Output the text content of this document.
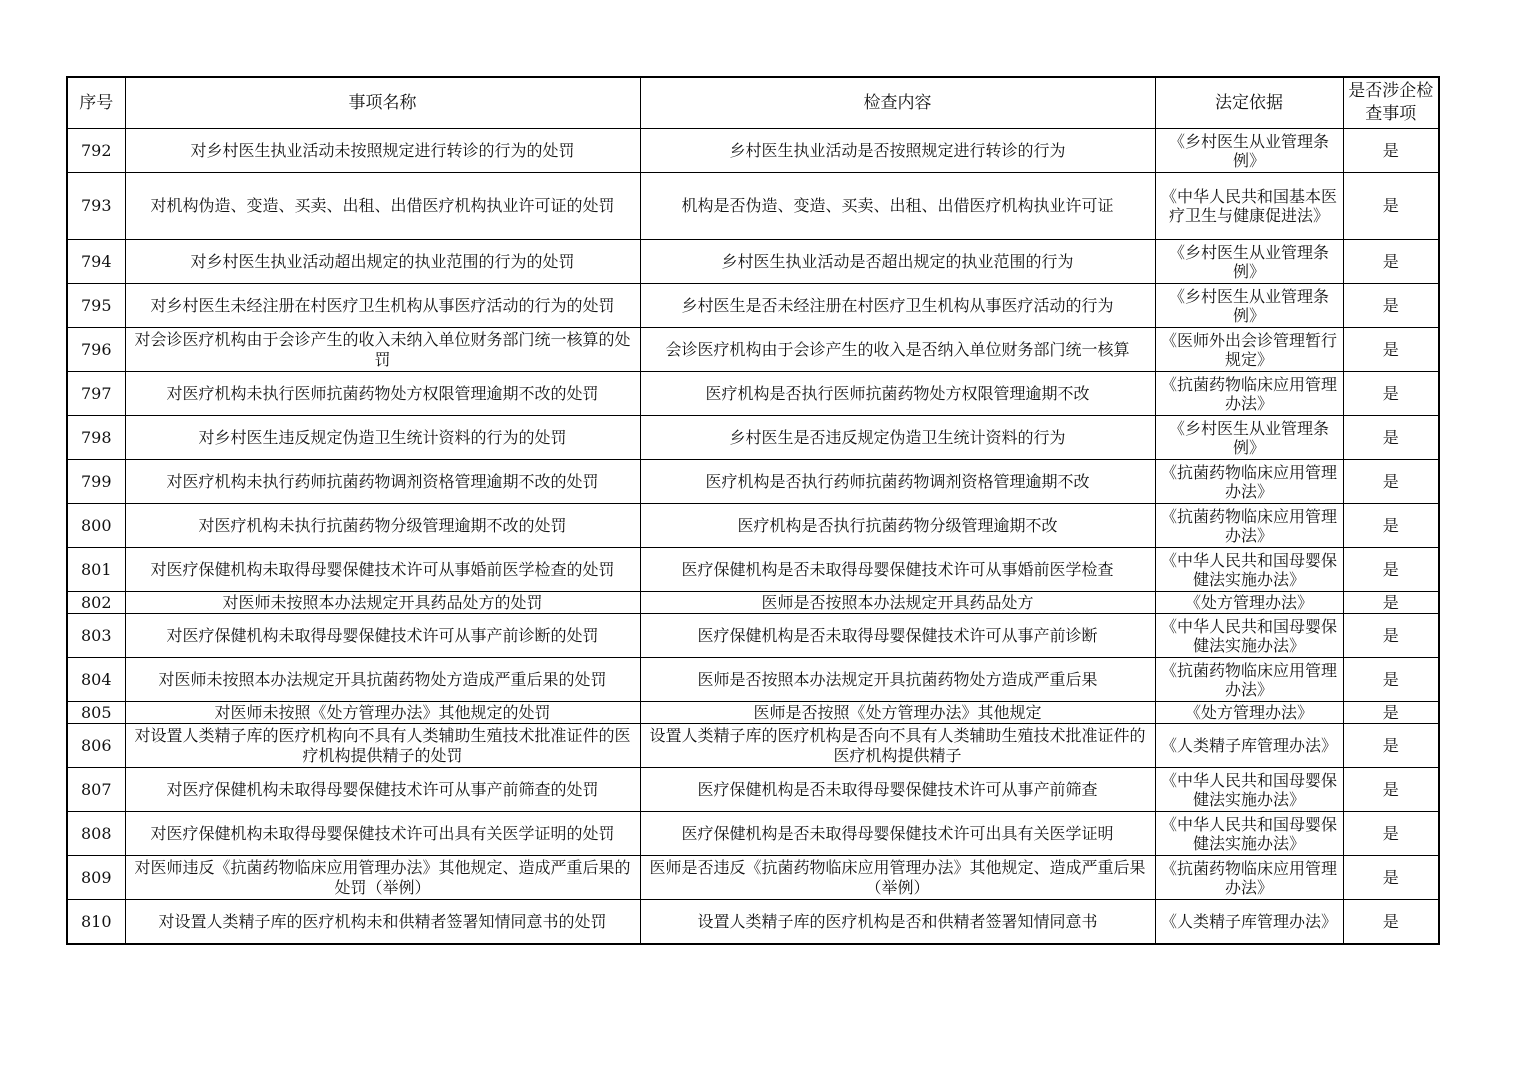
序号	事项名称	检查内容	法定依据	是否涉企检查事项
792	对乡村医生执业活动未按照规定进行转诊的行为的处罚	乡村医生执业活动是否按照规定进行转诊的行为	《乡村医生从业管理条例》	是
793	对机构伪造、变造、买卖、出租、出借医疗机构执业许可证的处罚	机构是否伪造、变造、买卖、出租、出借医疗机构执业许可证	《中华人民共和国基本医疗卫生与健康促进法》	是
794	对乡村医生执业活动超出规定的执业范围的行为的处罚	乡村医生执业活动是否超出规定的执业范围的行为	《乡村医生从业管理条例》	是
795	对乡村医生未经注册在村医疗卫生机构从事医疗活动的行为的处罚	乡村医生是否未经注册在村医疗卫生机构从事医疗活动的行为	《乡村医生从业管理条例》	是
796	对会诊医疗机构由于会诊产生的收入未纳入单位财务部门统一核算的处罚	会诊医疗机构由于会诊产生的收入是否纳入单位财务部门统一核算	《医师外出会诊管理暂行规定》	是
797	对医疗机构未执行医师抗菌药物处方权限管理逾期不改的处罚	医疗机构是否执行医师抗菌药物处方权限管理逾期不改	《抗菌药物临床应用管理办法》	是
798	对乡村医生违反规定伪造卫生统计资料的行为的处罚	乡村医生是否违反规定伪造卫生统计资料的行为	《乡村医生从业管理条例》	是
799	对医疗机构未执行药师抗菌药物调剂资格管理逾期不改的处罚	医疗机构是否执行药师抗菌药物调剂资格管理逾期不改	《抗菌药物临床应用管理办法》	是
800	对医疗机构未执行抗菌药物分级管理逾期不改的处罚	医疗机构是否执行抗菌药物分级管理逾期不改	《抗菌药物临床应用管理办法》	是
801	对医疗保健机构未取得母婴保健技术许可从事婚前医学检查的处罚	医疗保健机构是否未取得母婴保健技术许可从事婚前医学检查	《中华人民共和国母婴保健法实施办法》	是
802	对医师未按照本办法规定开具药品处方的处罚	医师是否按照本办法规定开具药品处方	《处方管理办法》	是
803	对医疗保健机构未取得母婴保健技术许可从事产前诊断的处罚	医疗保健机构是否未取得母婴保健技术许可从事产前诊断	《中华人民共和国母婴保健法实施办法》	是
804	对医师未按照本办法规定开具抗菌药物处方造成严重后果的处罚	医师是否按照本办法规定开具抗菌药物处方造成严重后果	《抗菌药物临床应用管理办法》	是
805	对医师未按照《处方管理办法》其他规定的处罚	医师是否按照《处方管理办法》其他规定	《处方管理办法》	是
806	对设置人类精子库的医疗机构向不具有人类辅助生殖技术批准证件的医疗机构提供精子的处罚	设置人类精子库的医疗机构是否向不具有人类辅助生殖技术批准证件的医疗机构提供精子	《人类精子库管理办法》	是
807	对医疗保健机构未取得母婴保健技术许可从事产前筛查的处罚	医疗保健机构是否未取得母婴保健技术许可从事产前筛查	《中华人民共和国母婴保健法实施办法》	是
808	对医疗保健机构未取得母婴保健技术许可出具有关医学证明的处罚	医疗保健机构是否未取得母婴保健技术许可出具有关医学证明	《中华人民共和国母婴保健法实施办法》	是
809	对医师违反《抗菌药物临床应用管理办法》其他规定、造成严重后果的处罚（举例）	医师是否违反《抗菌药物临床应用管理办法》其他规定、造成严重后果（举例）	《抗菌药物临床应用管理办法》	是
810	对设置人类精子库的医疗机构未和供精者签署知情同意书的处罚	设置人类精子库的医疗机构是否和供精者签署知情同意书	《人类精子库管理办法》	是
